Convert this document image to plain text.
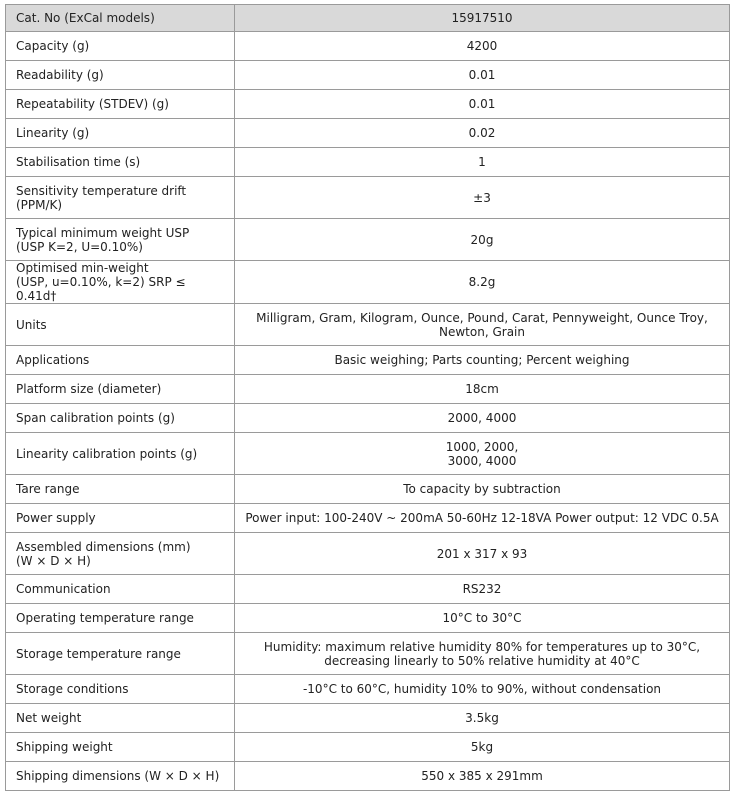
Cat. No (ExCal models)	15917510
Capacity (g)	4200
Readability (g)	0.01
Repeatability (STDEV) (g)	0.01
Linearity (g)	0.02
Stabilisation time (s)	1
Sensitivity temperature drift
(PPM/K)	±3
Typical minimum weight USP
(USP K=2, U=0.10%)	20g
Optimised min-weight
(USP, u=0.10%, k=2) SRP ≤ 0.41d†	8.2g
Units	Milligram, Gram, Kilogram, Ounce, Pound, Carat, Pennyweight, Ounce Troy,
Newton, Grain
Applications	Basic weighing; Parts counting; Percent weighing
Platform size (diameter)	18cm
Span calibration points (g)	2000, 4000
Linearity calibration points (g)	1000, 2000,
3000, 4000
Tare range	To capacity by subtraction
Power supply	Power input: 100-240V ~ 200mA 50-60Hz 12-18VA Power output: 12 VDC 0.5A
Assembled dimensions (mm)
(W × D × H)	201 x 317 x 93
Communication	RS232
Operating temperature range	10°C to 30°C
Storage temperature range	Humidity: maximum relative humidity 80% for temperatures up to 30°C,
decreasing linearly to 50% relative humidity at 40°C
Storage conditions	-10°C to 60°C, humidity 10% to 90%, without condensation
Net weight	3.5kg
Shipping weight	5kg
Shipping dimensions (W × D × H)	550 x 385 x 291mm
